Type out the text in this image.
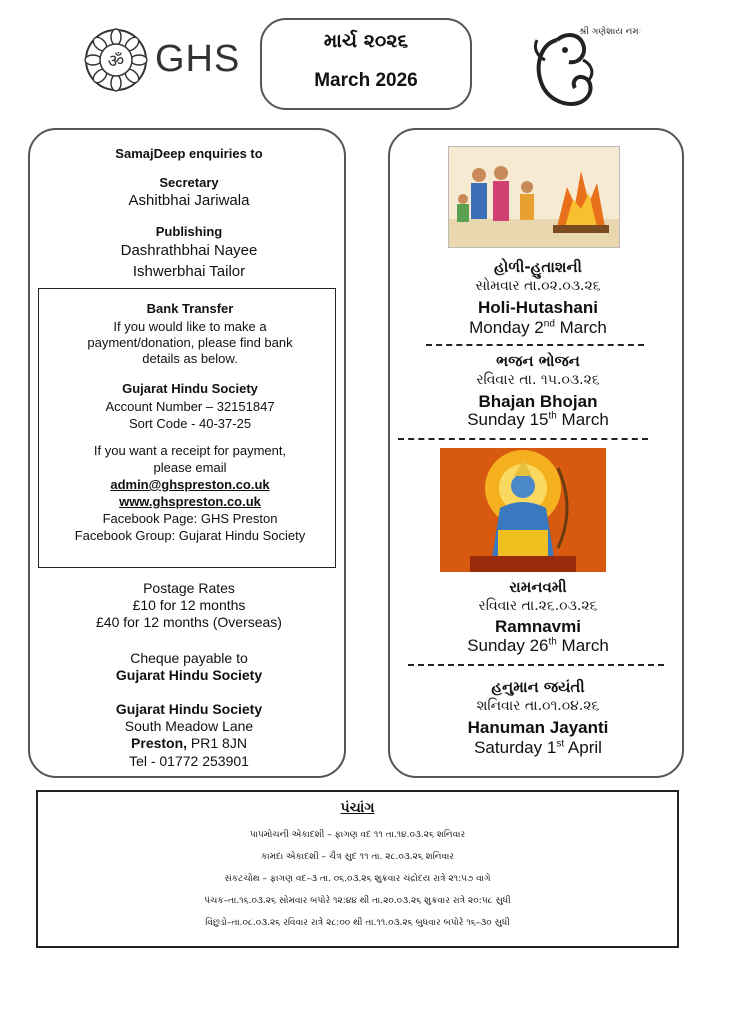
ॐ GHS	માર્ચ ૨૦૨૬
March 2026
શ્રી ગણેશાય નમઃ
SamajDeep enquiries to
Secretary
Ashitbhai Jariwala
Publishing
Dashrathbhai Nayee
Ishwerbhai Tailor
Bank Transfer
If you would like to make a
payment/donation, please find bank
details as below.
Gujarat Hindu Society
Account Number – 32151847
Sort Code - 40-37-25
If you want a receipt for payment,
please email
admin@ghspreston.co.uk
www.ghspreston.co.uk
Facebook Page: GHS Preston
Facebook Group: Gujarat Hindu Society
Postage Rates
£10 for 12 months
£40 for 12 months (Overseas)
Cheque payable to
Gujarat Hindu Society
Gujarat Hindu Society
South Meadow Lane
Preston, PR1 8JN
Tel - 01772 253901
હોળી-હુતાશની
સોમવાર તા.૦૨.૦૩.૨૬
Holi-Hutashani
Monday 2nd March
ભજન ભોજન
રવિવાર તા. ૧૫.૦૩.૨૬
Bhajan Bhojan
Sunday 15th March
રામનવમી
રવિવાર તા.૨૬.૦૩.૨૬
Ramnavmi
Sunday 26th March
હનુમાન જયંતી
શનિવાર તા.૦૧.૦૪.૨૬
Hanuman Jayanti
Saturday 1st April
પંચાંગ
પાપમોચની એકાદશી – ફાગણ વદ ૧૧ તા.૧૪.૦૩.૨૬ શનિવાર
કામદા એકાદશી – ચૈત્ર સુદ ૧૧ તા. ૨૮.૦૩.૨૬ શનિવાર
સંકટચોથ – ફાગણ વદ–૩ તા. ૦૬.૦૩.૨૬ શુક્રવાર ચંદ્રોદય રાત્રે ૨૧:૫૭ વાગે
પંચક–તા.૧૬.૦૩.૨૬ સોમવાર બપોરે ૧૨:૪૪ થી તા.૨૦.૦૩.૨૬ શુક્રવાર રાત્રે ૨૦:૫૮ સુધી
વિંછુડો–તા.૦૮.૦૩.૨૬ રવિવાર રાત્રે ૨૮:૦૦ થી તા.૧૧.૦૩.૨૬ બુધવાર બપોરે ૧૬–૩૦ સુધી
